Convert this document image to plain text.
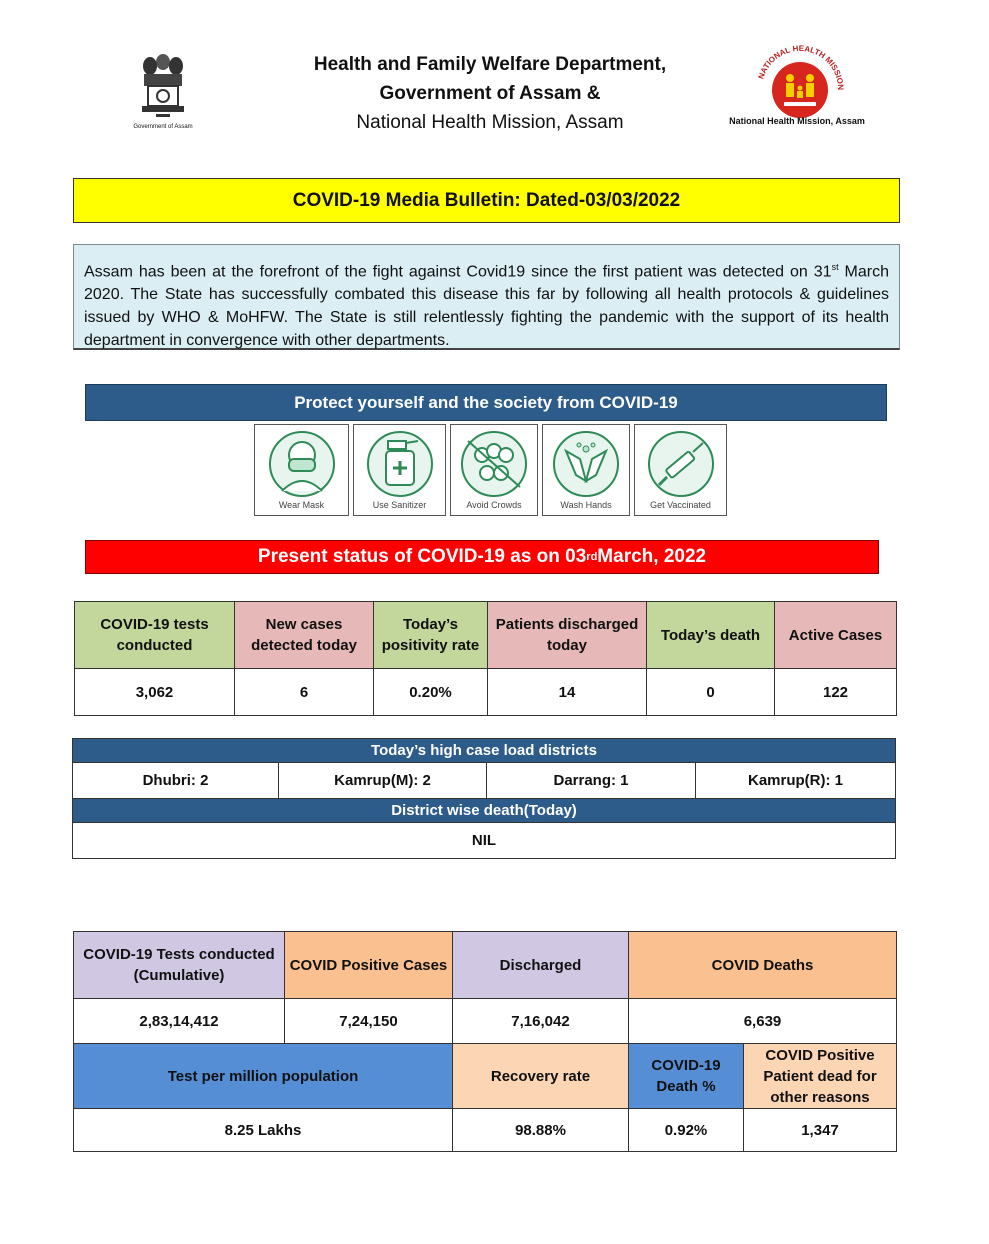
Government of Assam
Health and Family Welfare Department,
Government of Assam &
National Health Mission, Assam
NATIONAL HEALTH MISSION
National Health Mission, Assam
COVID-19 Media Bulletin: Dated-03/03/2022
Assam has been at the forefront of the fight against Covid19 since the first patient was detected on 31st March 2020. The State has successfully combated this disease this far by following all health protocols & guidelines issued by WHO & MoHFW. The State is still relentlessly fighting the pandemic with the support of its health department in convergence with other departments.
Protect yourself and the society from COVID-19
Wear Mask	Use Sanitizer	Avoid Crowds	Wash Hands	Get Vaccinated
Present status of COVID-19 as on 03 rd March, 2022
COVID-19 tests conducted	New cases detected today	Today’s positivity rate	Patients discharged today	Today’s death	Active Cases
3,062	6	0.20%	14	0	122
Today’s high case load districts
Dhubri: 2	Kamrup(M): 2	Darrang: 1	Kamrup(R): 1
District wise death(Today)
NIL
COVID-19 Tests conducted (Cumulative)	COVID Positive Cases	Discharged	COVID Deaths	
2,83,14,412	7,24,150	7,16,042	6,639	
Test per million population		Recovery rate	COVID-19 Death %	COVID Positive Patient dead for other reasons
8.25 Lakhs		98.88%	0.92%	1,347
